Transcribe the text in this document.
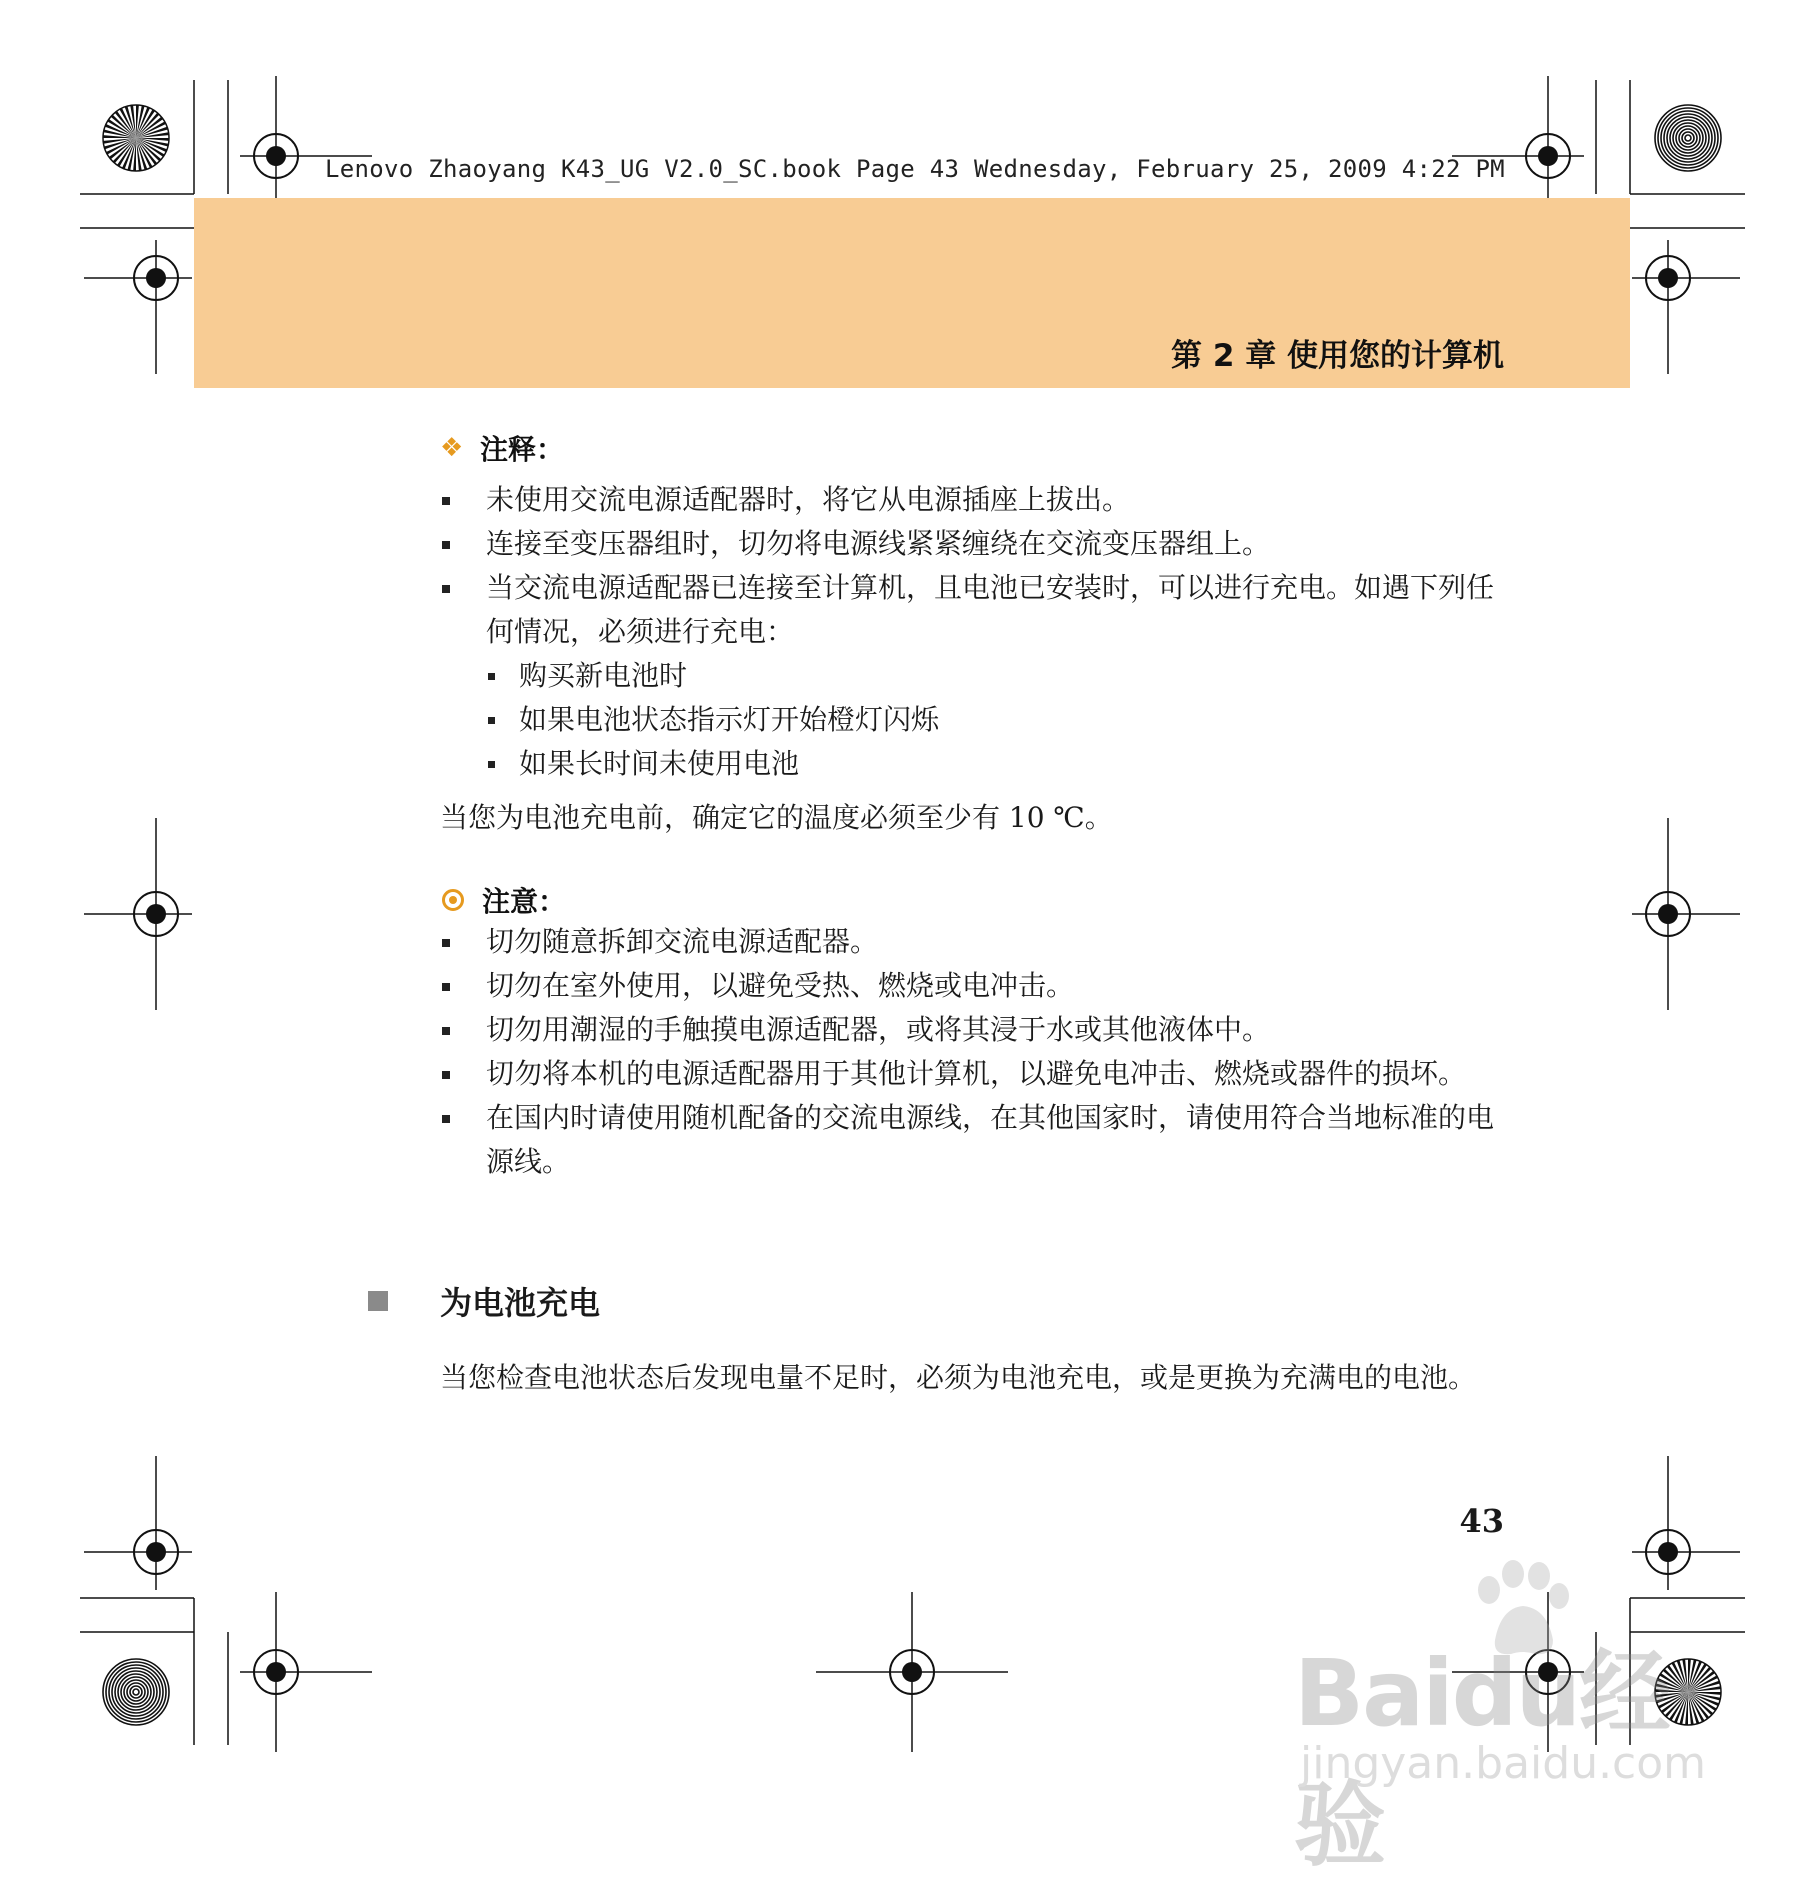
Lenovo Zhaoyang K43_UG V2.0_SC.book Page 43 Wednesday, February 25, 2009 4:22 PM
第 2 章 使用您的计算机
❖ 注释：
未使用交流电源适配器时，将它从电源插座上拔出。
连接至变压器组时，切勿将电源线紧紧缠绕在交流变压器组上。
当交流电源适配器已连接至计算机，且电池已安装时，可以进行充电。如遇下列任何情况，必须进行充电：
购买新电池时
如果电池状态指示灯开始橙灯闪烁
如果长时间未使用电池
当您为电池充电前，确定它的温度必须至少有 10 ℃。
注意：
切勿随意拆卸交流电源适配器。
切勿在室外使用，以避免受热、燃烧或电冲击。
切勿用潮湿的手触摸电源适配器，或将其浸于水或其他液体中。
切勿将本机的电源适配器用于其他计算机，以避免电冲击、燃烧或器件的损坏。
在国内时请使用随机配备的交流电源线，在其他国家时，请使用符合当地标准的电源线。
为电池充电
当您检查电池状态后发现电量不足时，必须为电池充电，或是更换为充满电的电池。
43
Baidu经验
jingyan.baidu.com
